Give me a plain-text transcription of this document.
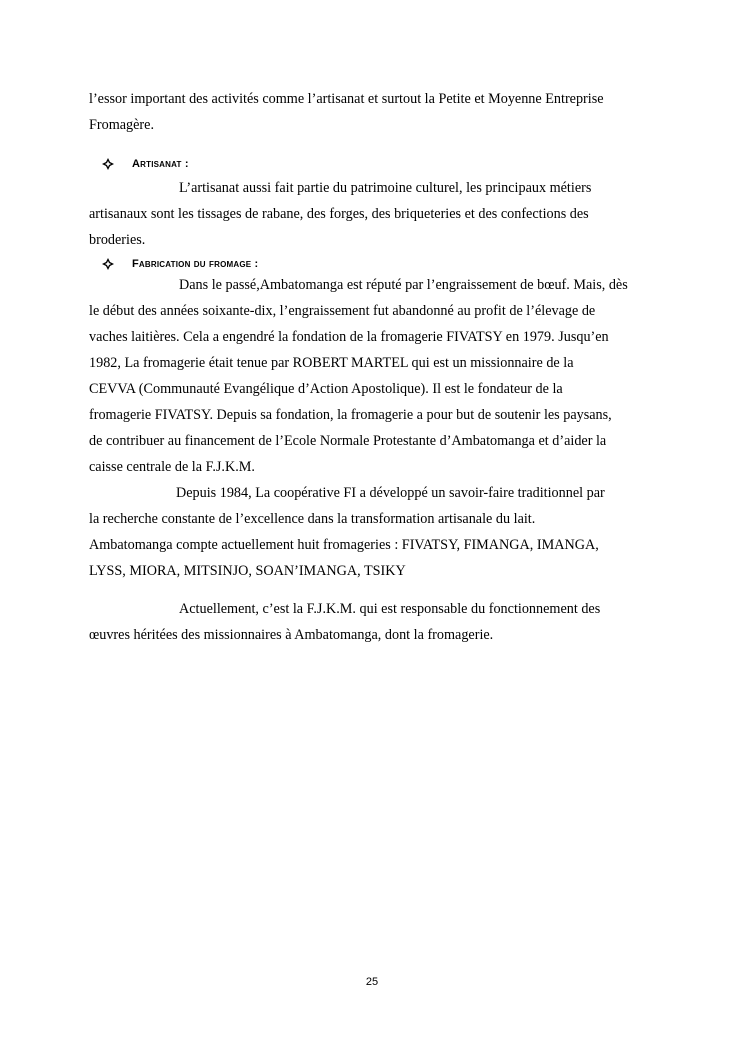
l’essor important des activités comme l’artisanat et surtout la Petite et Moyenne Entreprise

Fromagère.

Artisanat :

L’artisanat aussi fait partie du patrimoine culturel, les principaux métiers

artisanaux sont les tissages de rabane, des forges, des briqueteries et des confections des

broderies.

Fabrication du fromage :

Dans le passé,Ambatomanga est réputé par l’engraissement de bœuf. Mais, dès

le début des années soixante-dix, l’engraissement fut abandonné au profit de l’élevage de

vaches laitières. Cela a engendré la fondation de la fromagerie FIVATSY en 1979. Jusqu’en

1982, La fromagerie était tenue par ROBERT MARTEL qui est un missionnaire de la

CEVVA (Communauté Evangélique d’Action Apostolique). Il est le fondateur de la

fromagerie FIVATSY. Depuis sa fondation, la fromagerie a pour but de soutenir les paysans,

de contribuer au financement de l’Ecole Normale Protestante d’Ambatomanga et d’aider la

caisse centrale de la F.J.K.M.

Depuis 1984, La coopérative FI a développé un savoir-faire traditionnel par

la recherche constante de l’excellence dans la transformation artisanale du lait.

Ambatomanga compte actuellement huit fromageries : FIVATSY, FIMANGA, IMANGA,

LYSS, MIORA, MITSINJO, SOAN’IMANGA, TSIKY

Actuellement, c’est la F.J.K.M. qui est responsable du fonctionnement des

œuvres héritées des missionnaires à Ambatomanga, dont la fromagerie.

25
